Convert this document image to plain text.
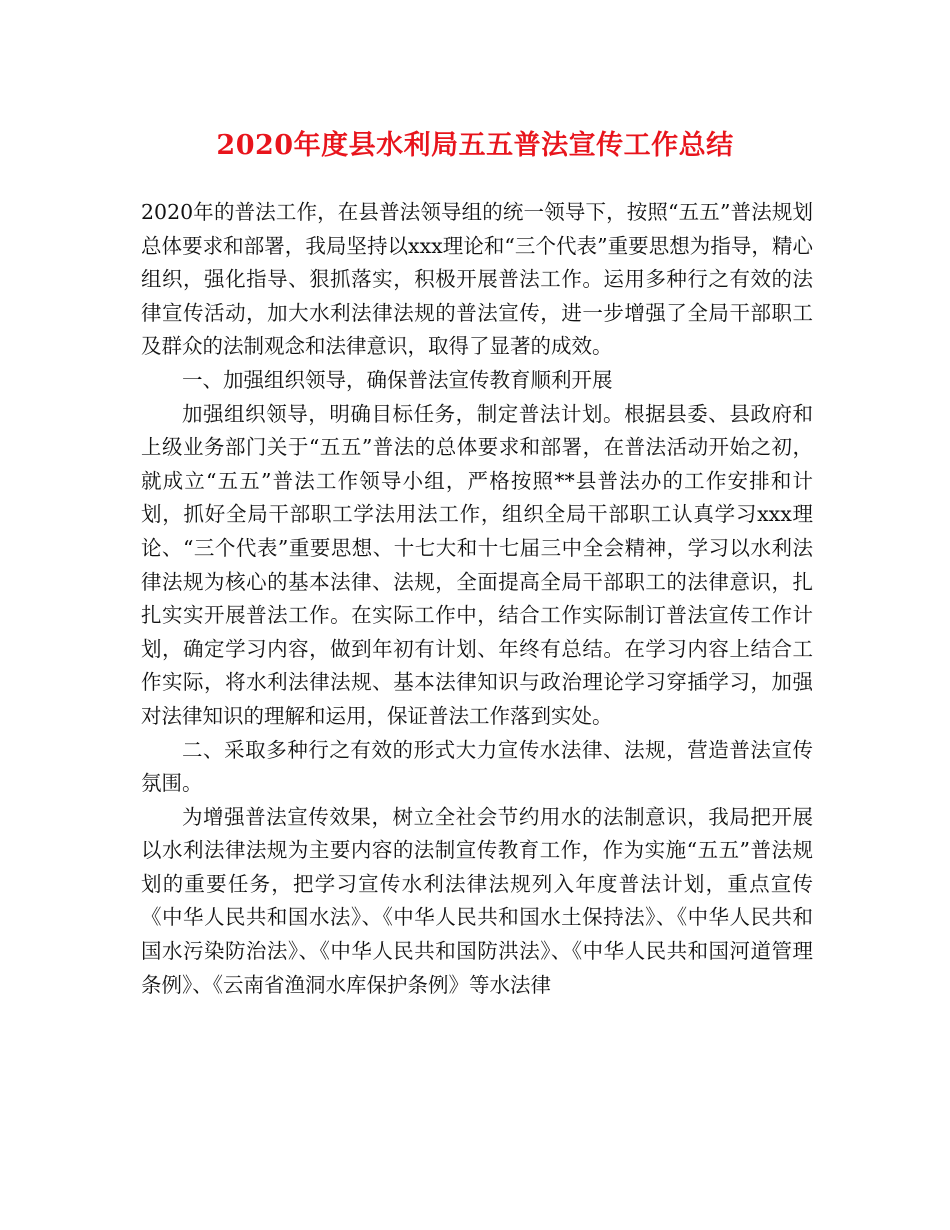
2020年度县水利局五五普法宣传工作总结

2020年的普法工作，在县普法领导组的统一领导下，按照“五五”普法规划总体要求和部署，我局坚持以xxx理论和“三个代表”重要思想为指导，精心组织，强化指导、狠抓落实，积极开展普法工作。运用多种行之有效的法律宣传活动，加大水利法律法规的普法宣传，进一步增强了全局干部职工及群众的法制观念和法律意识，取得了显著的成效。

一、加强组织领导，确保普法宣传教育顺利开展

加强组织领导，明确目标任务，制定普法计划。根据县委、县政府和上级业务部门关于“五五”普法的总体要求和部署，在普法活动开始之初，就成立“五五”普法工作领导小组，严格按照**县普法办的工作安排和计划，抓好全局干部职工学法用法工作，组织全局干部职工认真学习xxx理论、“三个代表”重要思想、十七大和十七届三中全会精神，学习以水利法律法规为核心的基本法律、法规，全面提高全局干部职工的法律意识，扎扎实实开展普法工作。在实际工作中，结合工作实际制订普法宣传工作计划，确定学习内容，做到年初有计划、年终有总结。在学习内容上结合工作实际，将水利法律法规、基本法律知识与政治理论学习穿插学习，加强对法律知识的理解和运用，保证普法工作落到实处。

二、采取多种行之有效的形式大力宣传水法律、法规，营造普法宣传氛围。

为增强普法宣传效果，树立全社会节约用水的法制意识，我局把开展以水利法律法规为主要内容的法制宣传教育工作，作为实施“五五”普法规划的重要任务，把学习宣传水利法律法规列入年度普法计划，重点宣传《中华人民共和国水法》、《中华人民共和国水土保持法》、《中华人民共和国水污染防治法》、《中华人民共和国防洪法》、《中华人民共和国河道管理条例》、《云南省渔洞水库保护条例》等水法律
